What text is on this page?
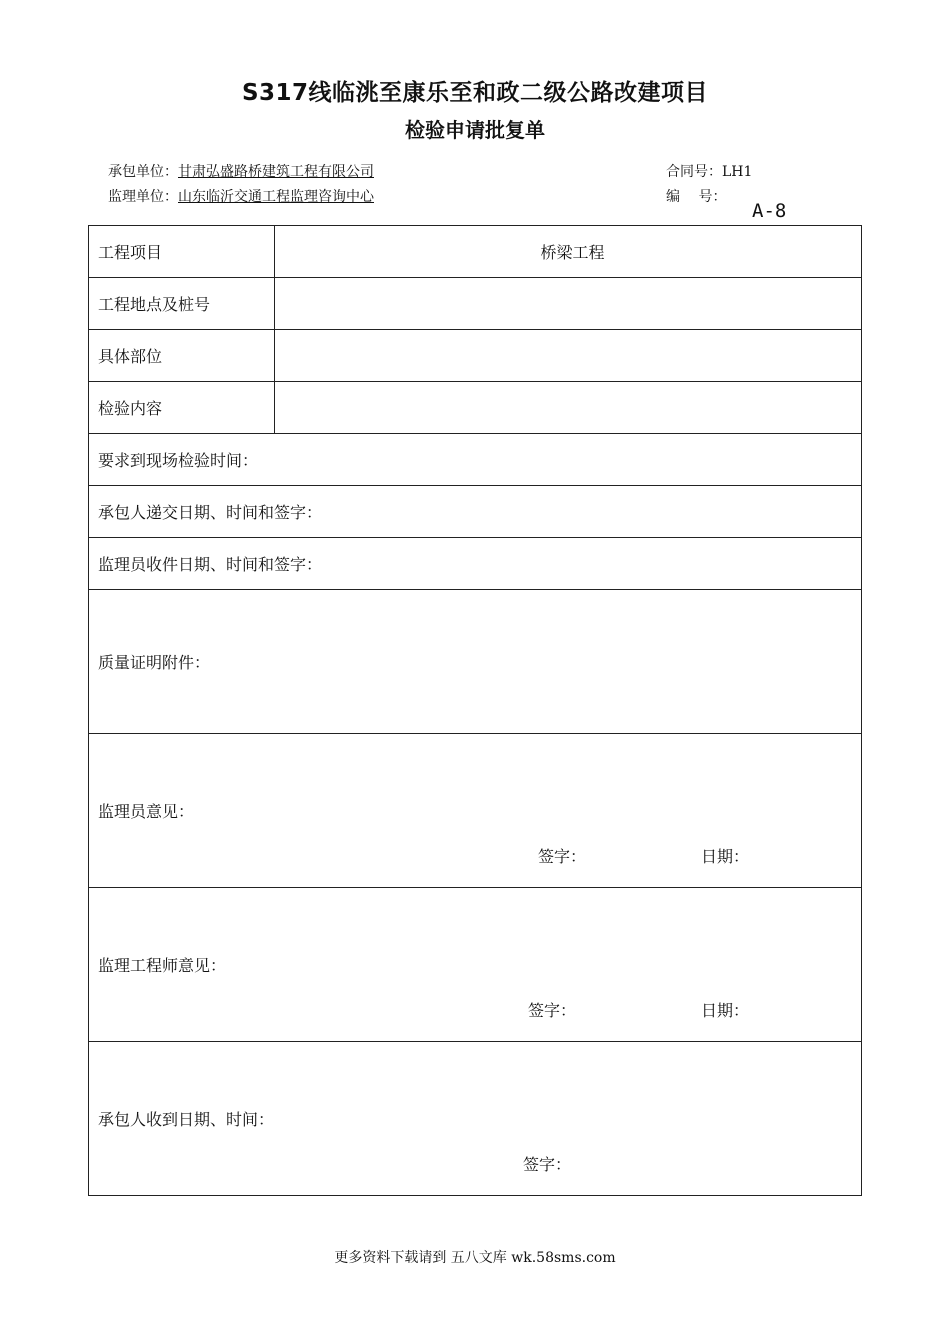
S317线临洮至康乐至和政二级公路改建项目
检验申请批复单
承包单位：甘肃弘盛路桥建筑工程有限公司
监理单位：山东临沂交通工程监理咨询中心
合同号：LH1
编　 号：
A-8
工程项目	桥梁工程
工程地点及桩号	
具体部位	
检验内容	
要求到现场检验时间：	
承包人递交日期、时间和签字：	
监理员收件日期、时间和签字：	
质量证明附件：	
监理员意见：
签字： 日期：	

监理工程师意见：
签字： 日期：	

承包人收到日期、时间：
签字：	
更多资料下载请到 五八文库 wk.58sms.com
